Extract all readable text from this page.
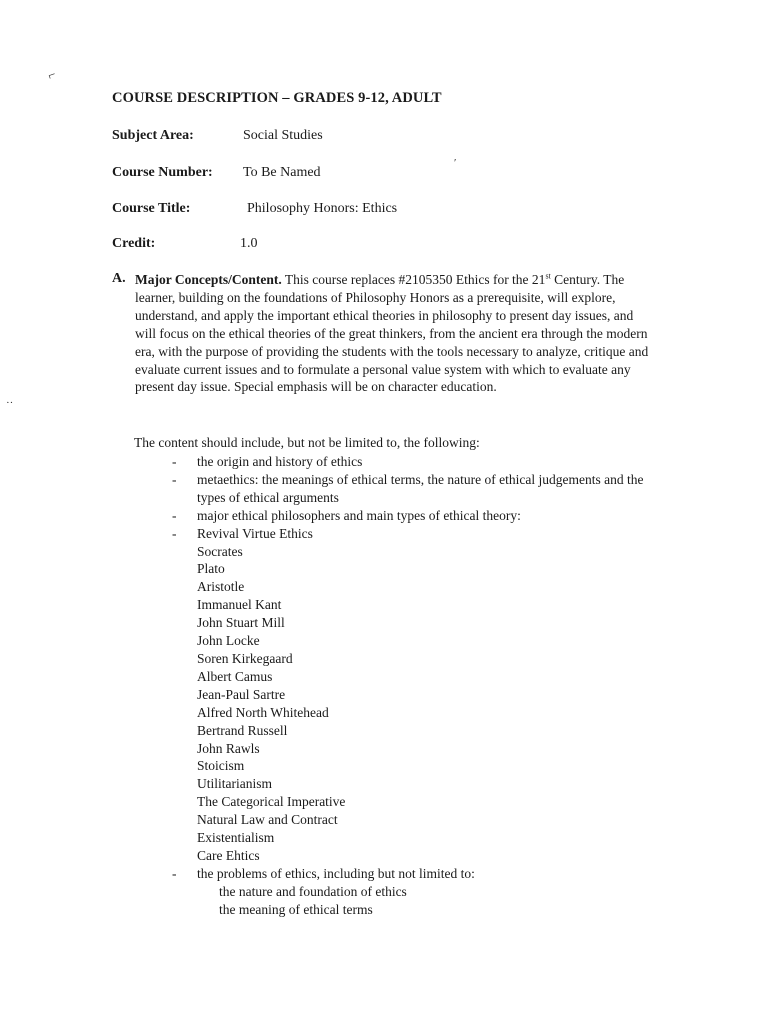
⌐
′
··
COURSE DESCRIPTION – GRADES 9-12, ADULT
Subject Area:	Social Studies
Course Number: To Be Named
Course Title:	Philosophy Honors: Ethics
Credit:	1.0
A. Major Concepts/Content. This course replaces #2105350 Ethics for the 21st Century. The learner, building on the foundations of Philosophy Honors as a prerequisite, will explore, understand, and apply the important ethical theories in philosophy to present day issues, and will focus on the ethical theories of the great thinkers, from the ancient era through the modern era, with the purpose of providing the students with the tools necessary to analyze, critique and evaluate current issues and to formulate a personal value system with which to evaluate any present day issue. Special emphasis will be on character education.

The content should include, but not be limited to, the following:
- the origin and history of ethics
- metaethics: the meanings of ethical terms, the nature of ethical judgements and the types of ethical arguments
- major ethical philosophers and main types of ethical theory:
- Revival Virtue Ethics
Socrates
Plato
Aristotle
Immanuel Kant
John Stuart Mill
John Locke
Soren Kirkegaard
Albert Camus
Jean-Paul Sartre
Alfred North Whitehead
Bertrand Russell
John Rawls
Stoicism
Utilitarianism
The Categorical Imperative
Natural Law and Contract
Existentialism
Care Ehtics
- the problems of ethics, including but not limited to:
the nature and foundation of ethics
the meaning of ethical terms
